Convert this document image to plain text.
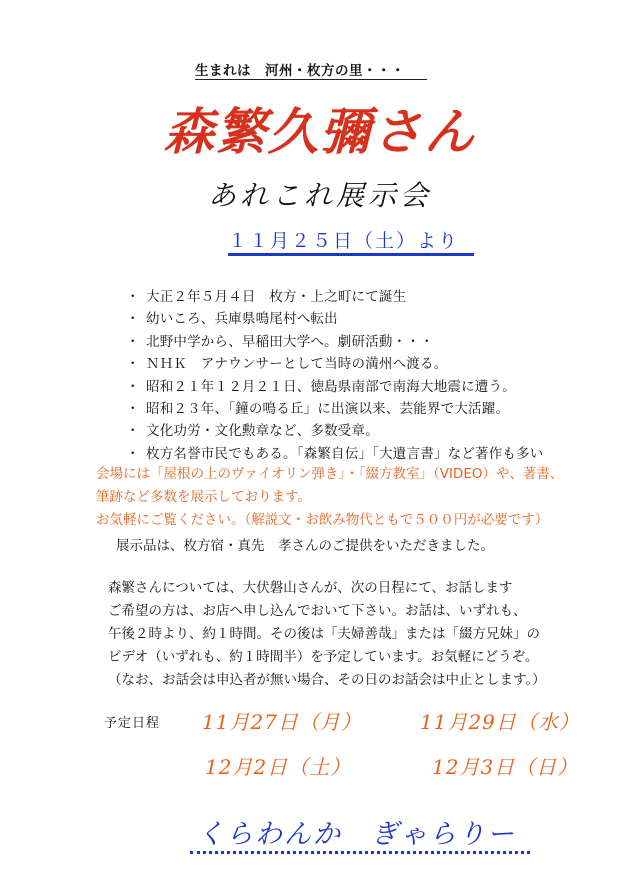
生まれは　河州・枚方の里・・・
森繁久彌さん
あれこれ展示会
１１月２５日（土）より
・ 大正２年５月４日　枚方・上之町にて誕生
・ 幼いころ、兵庫県鳴尾村へ転出
・ 北野中学から、早稲田大学へ。劇研活動・・・
・ ＮＨＫ　アナウンサーとして当時の満州へ渡る。
・ 昭和２１年１２月２１日、徳島県南部で南海大地震に遭う。
・ 昭和２３年、「鐘の鳴る丘」に出演以来、芸能界で大活躍。
・ 文化功労・文化勲章など、多数受章。
・ 枚方名誉市民でもある。「森繁自伝」「大遺言書」など著作も多い
会場には「屋根の上のヴァイオリン弾き」・「綴方教室」（VIDEO）や、著書、
筆跡など多数を展示しております。
お気軽にご覧ください。（解説文・お飲み物代ともで５００円が必要です）
展示品は、枚方宿・真先　孝さんのご提供をいただきました。
森繁さんについては、大伏磐山さんが、次の日程にて、お話します
ご希望の方は、お店へ申し込んでおいて下さい。お話は、いずれも、
午後２時より、約１時間。その後は「夫婦善哉」または「綴方兄妹」の
ビデオ（いずれも、約１時間半）を予定しています。お気軽にどうぞ。
（なお、お話会は申込者が無い場合、その日のお話会は中止とします。）
予定日程 11月27日（月）	11月29日（水）
12月2日（土）	12月3日（日）
くらわんか　ぎゃらりー
